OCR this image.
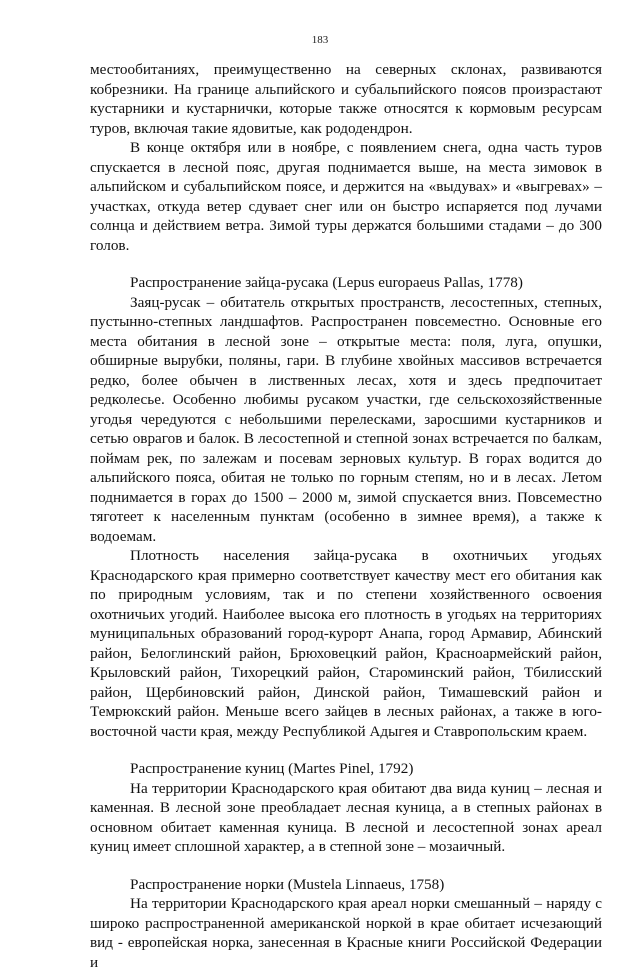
183

местообитаниях, преимущественно на северных склонах, развиваются кобрезники. На границе альпийского и субальпийского поясов произрастают кустарники и кустарнички, которые также относятся к кормовым ресурсам туров, включая такие ядовитые, как рододендрон.

В конце октября или в ноябре, с появлением снега, одна часть туров спускается в лесной пояс, другая поднимается выше, на места зимовок в альпийском и субальпийском поясе, и держится на «выдувах» и «выгревах» – участках, откуда ветер сдувает снег или он быстро испаряется под лучами солнца и действием ветра. Зимой туры держатся большими стадами – до 300 голов.

Распространение зайца-русака (Lepus europaeus Pallas, 1778)

Заяц-русак – обитатель открытых пространств, лесостепных, степных, пустынно-степных ландшафтов. Распространен повсеместно. Основные его места обитания в лесной зоне – открытые места: поля, луга, опушки, обширные вырубки, поляны, гари. В глубине хвойных массивов встречается редко, более обычен в лиственных лесах, хотя и здесь предпочитает редколесье. Особенно любимы русаком участки, где сельскохозяйственные угодья чередуются с небольшими перелесками, заросшими кустарников и сетью оврагов и балок. В лесостепной и степной зонах встречается по балкам, поймам рек, по залежам и посевам зерновых культур. В горах водится до альпийского пояса, обитая не только по горным степям, но и в лесах. Летом поднимается в горах до 1500 – 2000 м, зимой спускается вниз. Повсеместно тяготеет к населенным пунктам (особенно в зимнее время), а также к водоемам.

Плотность населения зайца-русака в охотничьих угодьях Краснодарского края примерно соответствует качеству мест его обитания как по природным условиям, так и по степени хозяйственного освоения охотничьих угодий. Наиболее высока его плотность в угодьях на территориях муниципальных образований город-курорт Анапа, город Армавир, Абинский район, Белоглинский район, Брюховецкий район, Красноармейский район, Крыловский район, Тихорецкий район, Староминский район, Тбилисский район, Щербиновский район, Динской район, Тимашевский район и Темрюкский район. Меньше всего зайцев в лесных районах, а также в юго-восточной части края, между Республикой Адыгея и Ставропольским краем.

Распространение куниц (Martes Pinel, 1792)

На территории Краснодарского края обитают два вида куниц – лесная и каменная. В лесной зоне преобладает лесная куница, а в степных районах в основном обитает каменная куница. В лесной и лесостепной зонах ареал куниц имеет сплошной характер, а в степной зоне – мозаичный.

Распространение норки (Mustela Linnaeus, 1758)

На территории Краснодарского края ареал норки смешанный – наряду с широко распространенной американской норкой в крае обитает исчезающий вид - европейская норка, занесенная в Красные книги Российской Федерации и
